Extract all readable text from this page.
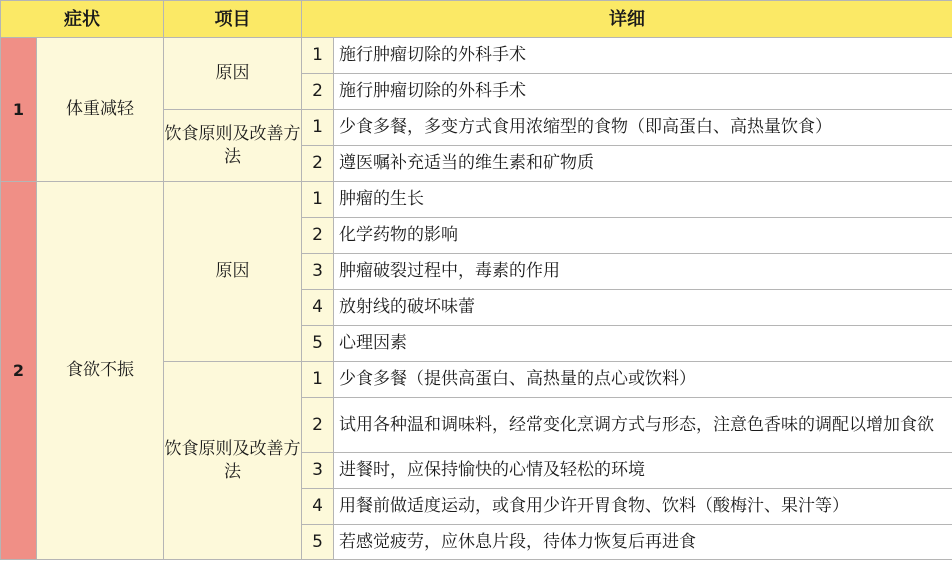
症状		项目	详细	
1	体重减轻	原因	1	施行肿瘤切除的外科手术
			2	施行肿瘤切除的外科手术
		饮食原则及改善方法	1	少食多餐，多变方式食用浓缩型的食物（即高蛋白、高热量饮食）
			2	遵医嘱补充适当的维生素和矿物质
2	食欲不振	原因	1	肿瘤的生长
			2	化学药物的影响
			3	肿瘤破裂过程中，毒素的作用
			4	放射线的破坏味蕾
			5	心理因素
		饮食原则及改善方法	1	少食多餐（提供高蛋白、高热量的点心或饮料）
			2	试用各种温和调味料，经常变化烹调方式与形态，注意色香味的调配以增加食欲
			3	进餐时，应保持愉快的心情及轻松的环境
			4	用餐前做适度运动，或食用少许开胃食物、饮料（酸梅汁、果汁等）
			5	若感觉疲劳，应休息片段，待体力恢复后再进食
